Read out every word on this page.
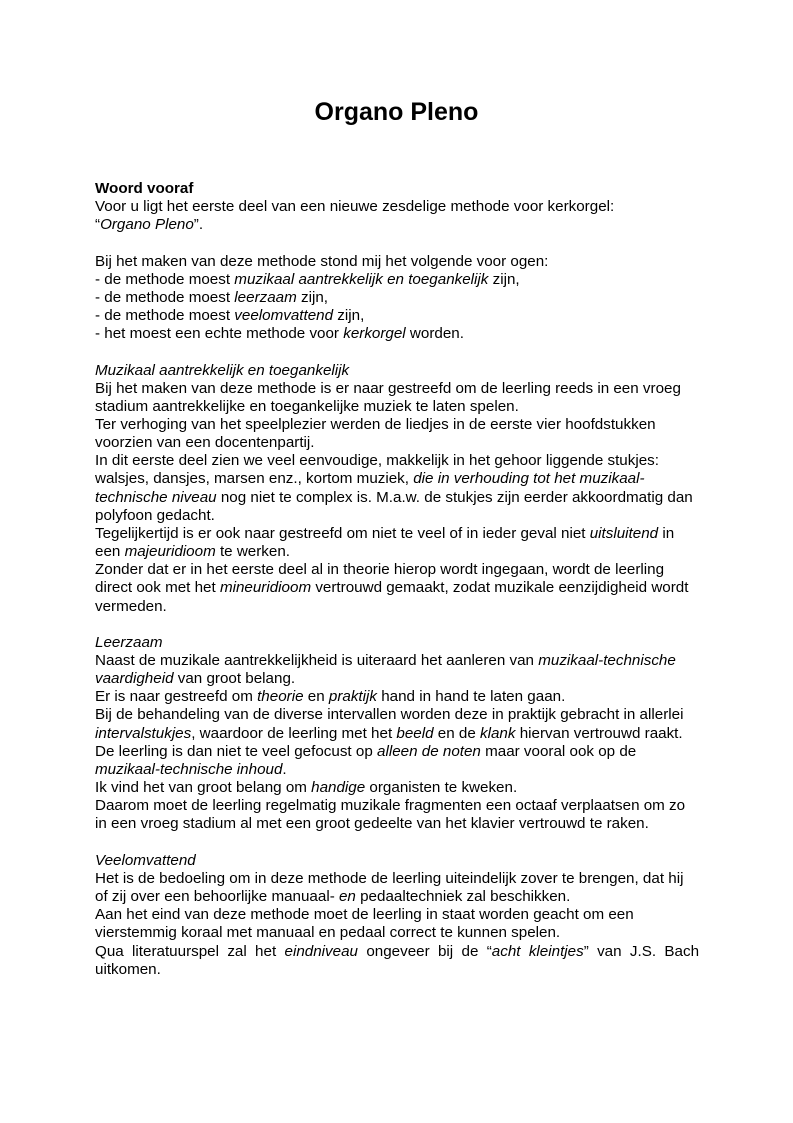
Organo Pleno

Woord vooraf

Voor u ligt het eerste deel van een nieuwe zesdelige methode voor kerkorgel:

“Organo Pleno”.

Bij het maken van deze methode stond mij het volgende voor ogen:

- de methode moest muzikaal aantrekkelijk en toegankelijk zijn,

- de methode moest leerzaam zijn,

- de methode moest veelomvattend zijn,

- het moest een echte methode voor kerkorgel worden.

Muzikaal aantrekkelijk en toegankelijk

Bij het maken van deze methode is er naar gestreefd om de leerling reeds in een vroeg stadium aantrekkelijke en toegankelijke muziek te laten spelen.

Ter verhoging van het speelplezier werden de liedjes in de eerste vier hoofdstukken voorzien van een docentenpartij.

In dit eerste deel zien we veel eenvoudige, makkelijk in het gehoor liggende stukjes: walsjes, dansjes, marsen enz., kortom muziek, die in verhouding tot het muzikaal-technische niveau nog niet te complex is. M.a.w. de stukjes zijn eerder akkoordmatig dan polyfoon gedacht.

Tegelijkertijd is er ook naar gestreefd om niet te veel of in ieder geval niet uitsluitend in een majeuridioom te werken.

Zonder dat er in het eerste deel al in theorie hierop wordt ingegaan, wordt de leerling direct ook met het mineuridioom vertrouwd gemaakt, zodat muzikale eenzijdigheid wordt vermeden.

Leerzaam

Naast de muzikale aantrekkelijkheid is uiteraard het aanleren van muzikaal-technische vaardigheid van groot belang.

Er is naar gestreefd om theorie en praktijk hand in hand te laten gaan.

Bij de behandeling van de diverse intervallen worden deze in praktijk gebracht in allerlei intervalstukjes, waardoor de leerling met het beeld en de klank hiervan vertrouwd raakt.

De leerling is dan niet te veel gefocust op alleen de noten maar vooral ook op de muzikaal-technische inhoud.

Ik vind het van groot belang om handige organisten te kweken.

Daarom moet de leerling regelmatig muzikale fragmenten een octaaf verplaatsen om zo in een vroeg stadium al met een groot gedeelte van het klavier vertrouwd te raken.

Veelomvattend

Het is de bedoeling om in deze methode de leerling uiteindelijk zover te brengen, dat hij of zij over een behoorlijke manuaal- en pedaaltechniek zal beschikken.

Aan het eind van deze methode moet de leerling in staat worden geacht om een vierstemmig koraal met manuaal en pedaal correct te kunnen spelen.

Qua literatuurspel zal het eindniveau ongeveer bij de “acht kleintjes” van J.S. Bach uitkomen.
